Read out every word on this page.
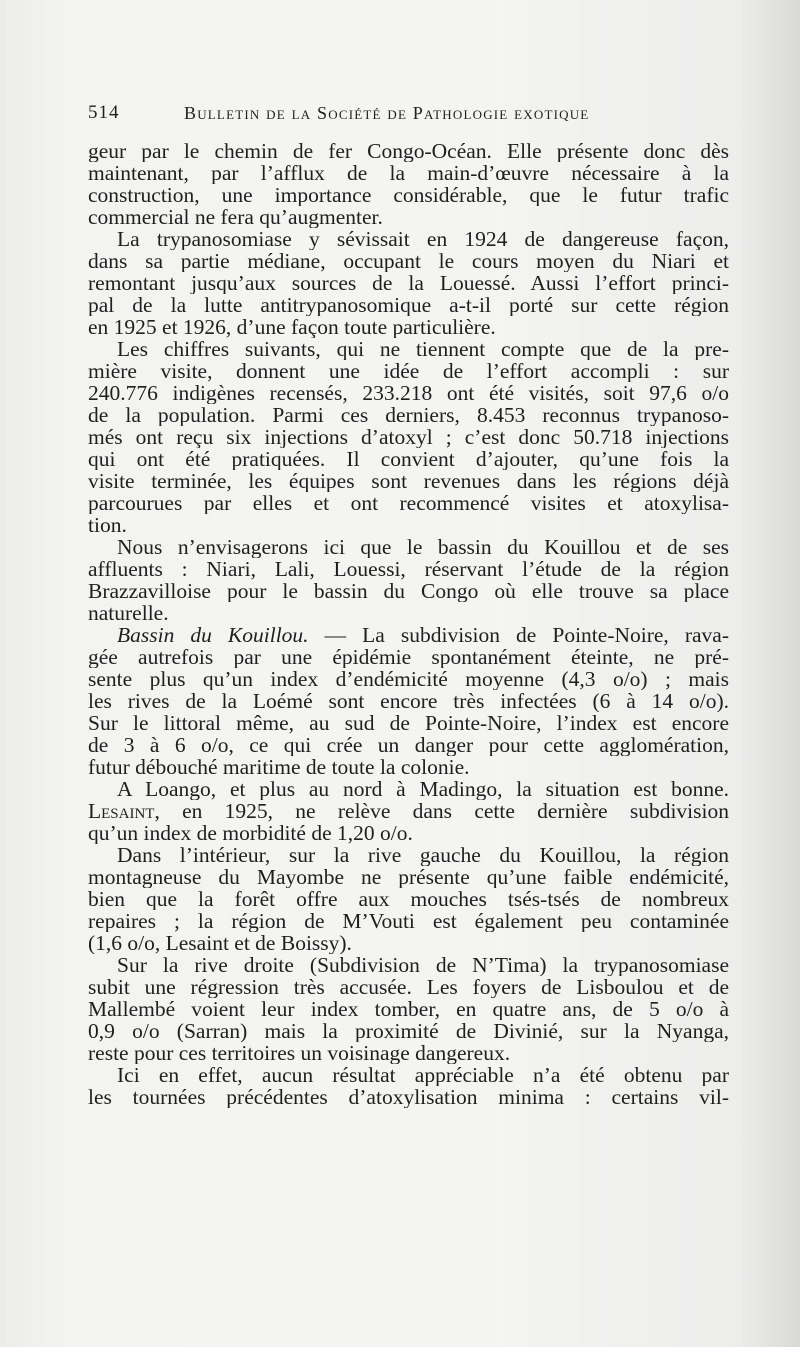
514	Bulletin de la Société de Pathologie exotique
geur par le chemin de fer Congo-Océan. Elle présente donc dès
maintenant, par l’afflux de la main-d’œuvre nécessaire à la
construction, une importance considérable, que le futur trafic
commercial ne fera qu’augmenter.
La trypanosomiase y sévissait en 1924 de dangereuse façon,
dans sa partie médiane, occupant le cours moyen du Niari et
remontant jusqu’aux sources de la Louessé. Aussi l’effort princi-
pal de la lutte antitrypanosomique a-t-il porté sur cette région
en 1925 et 1926, d’une façon toute particulière.
Les chiffres suivants, qui ne tiennent compte que de la pre-
mière visite, donnent une idée de l’effort accompli : sur
240.776 indigènes recensés, 233.218 ont été visités, soit 97,6 o/o
de la population. Parmi ces derniers, 8.453 reconnus trypanoso-
més ont reçu six injections d’atoxyl ; c’est donc 50.718 injections
qui ont été pratiquées. Il convient d’ajouter, qu’une fois la
visite terminée, les équipes sont revenues dans les régions déjà
parcourues par elles et ont recommencé visites et atoxylisa-
tion.
Nous n’envisagerons ici que le bassin du Kouillou et de ses
affluents : Niari, Lali, Louessi, réservant l’étude de la région
Brazzavilloise pour le bassin du Congo où elle trouve sa place
naturelle.
Bassin du Kouillou. — La subdivision de Pointe-Noire, rava-
gée autrefois par une épidémie spontanément éteinte, ne pré-
sente plus qu’un index d’endémicité moyenne (4,3 o/o) ; mais
les rives de la Loémé sont encore très infectées (6 à 14 o/o).
Sur le littoral même, au sud de Pointe-Noire, l’index est encore
de 3 à 6 o/o, ce qui crée un danger pour cette agglomération,
futur débouché maritime de toute la colonie.
A Loango, et plus au nord à Madingo, la situation est bonne.
Lesaint, en 1925, ne relève dans cette dernière subdivision
qu’un index de morbidité de 1,20 o/o.
Dans l’intérieur, sur la rive gauche du Kouillou, la région
montagneuse du Mayombe ne présente qu’une faible endémicité,
bien que la forêt offre aux mouches tsés-tsés de nombreux
repaires ; la région de M’Vouti est également peu contaminée
(1,6 o/o, Lesaint et de Boissy).
Sur la rive droite (Subdivision de N’Tima) la trypanosomiase
subit une régression très accusée. Les foyers de Lisboulou et de
Mallembé voient leur index tomber, en quatre ans, de 5 o/o à
0,9 o/o (Sarran) mais la proximité de Divinié, sur la Nyanga,
reste pour ces territoires un voisinage dangereux.
Ici en effet, aucun résultat appréciable n’a été obtenu par
les tournées précédentes d’atoxylisation minima : certains vil-
